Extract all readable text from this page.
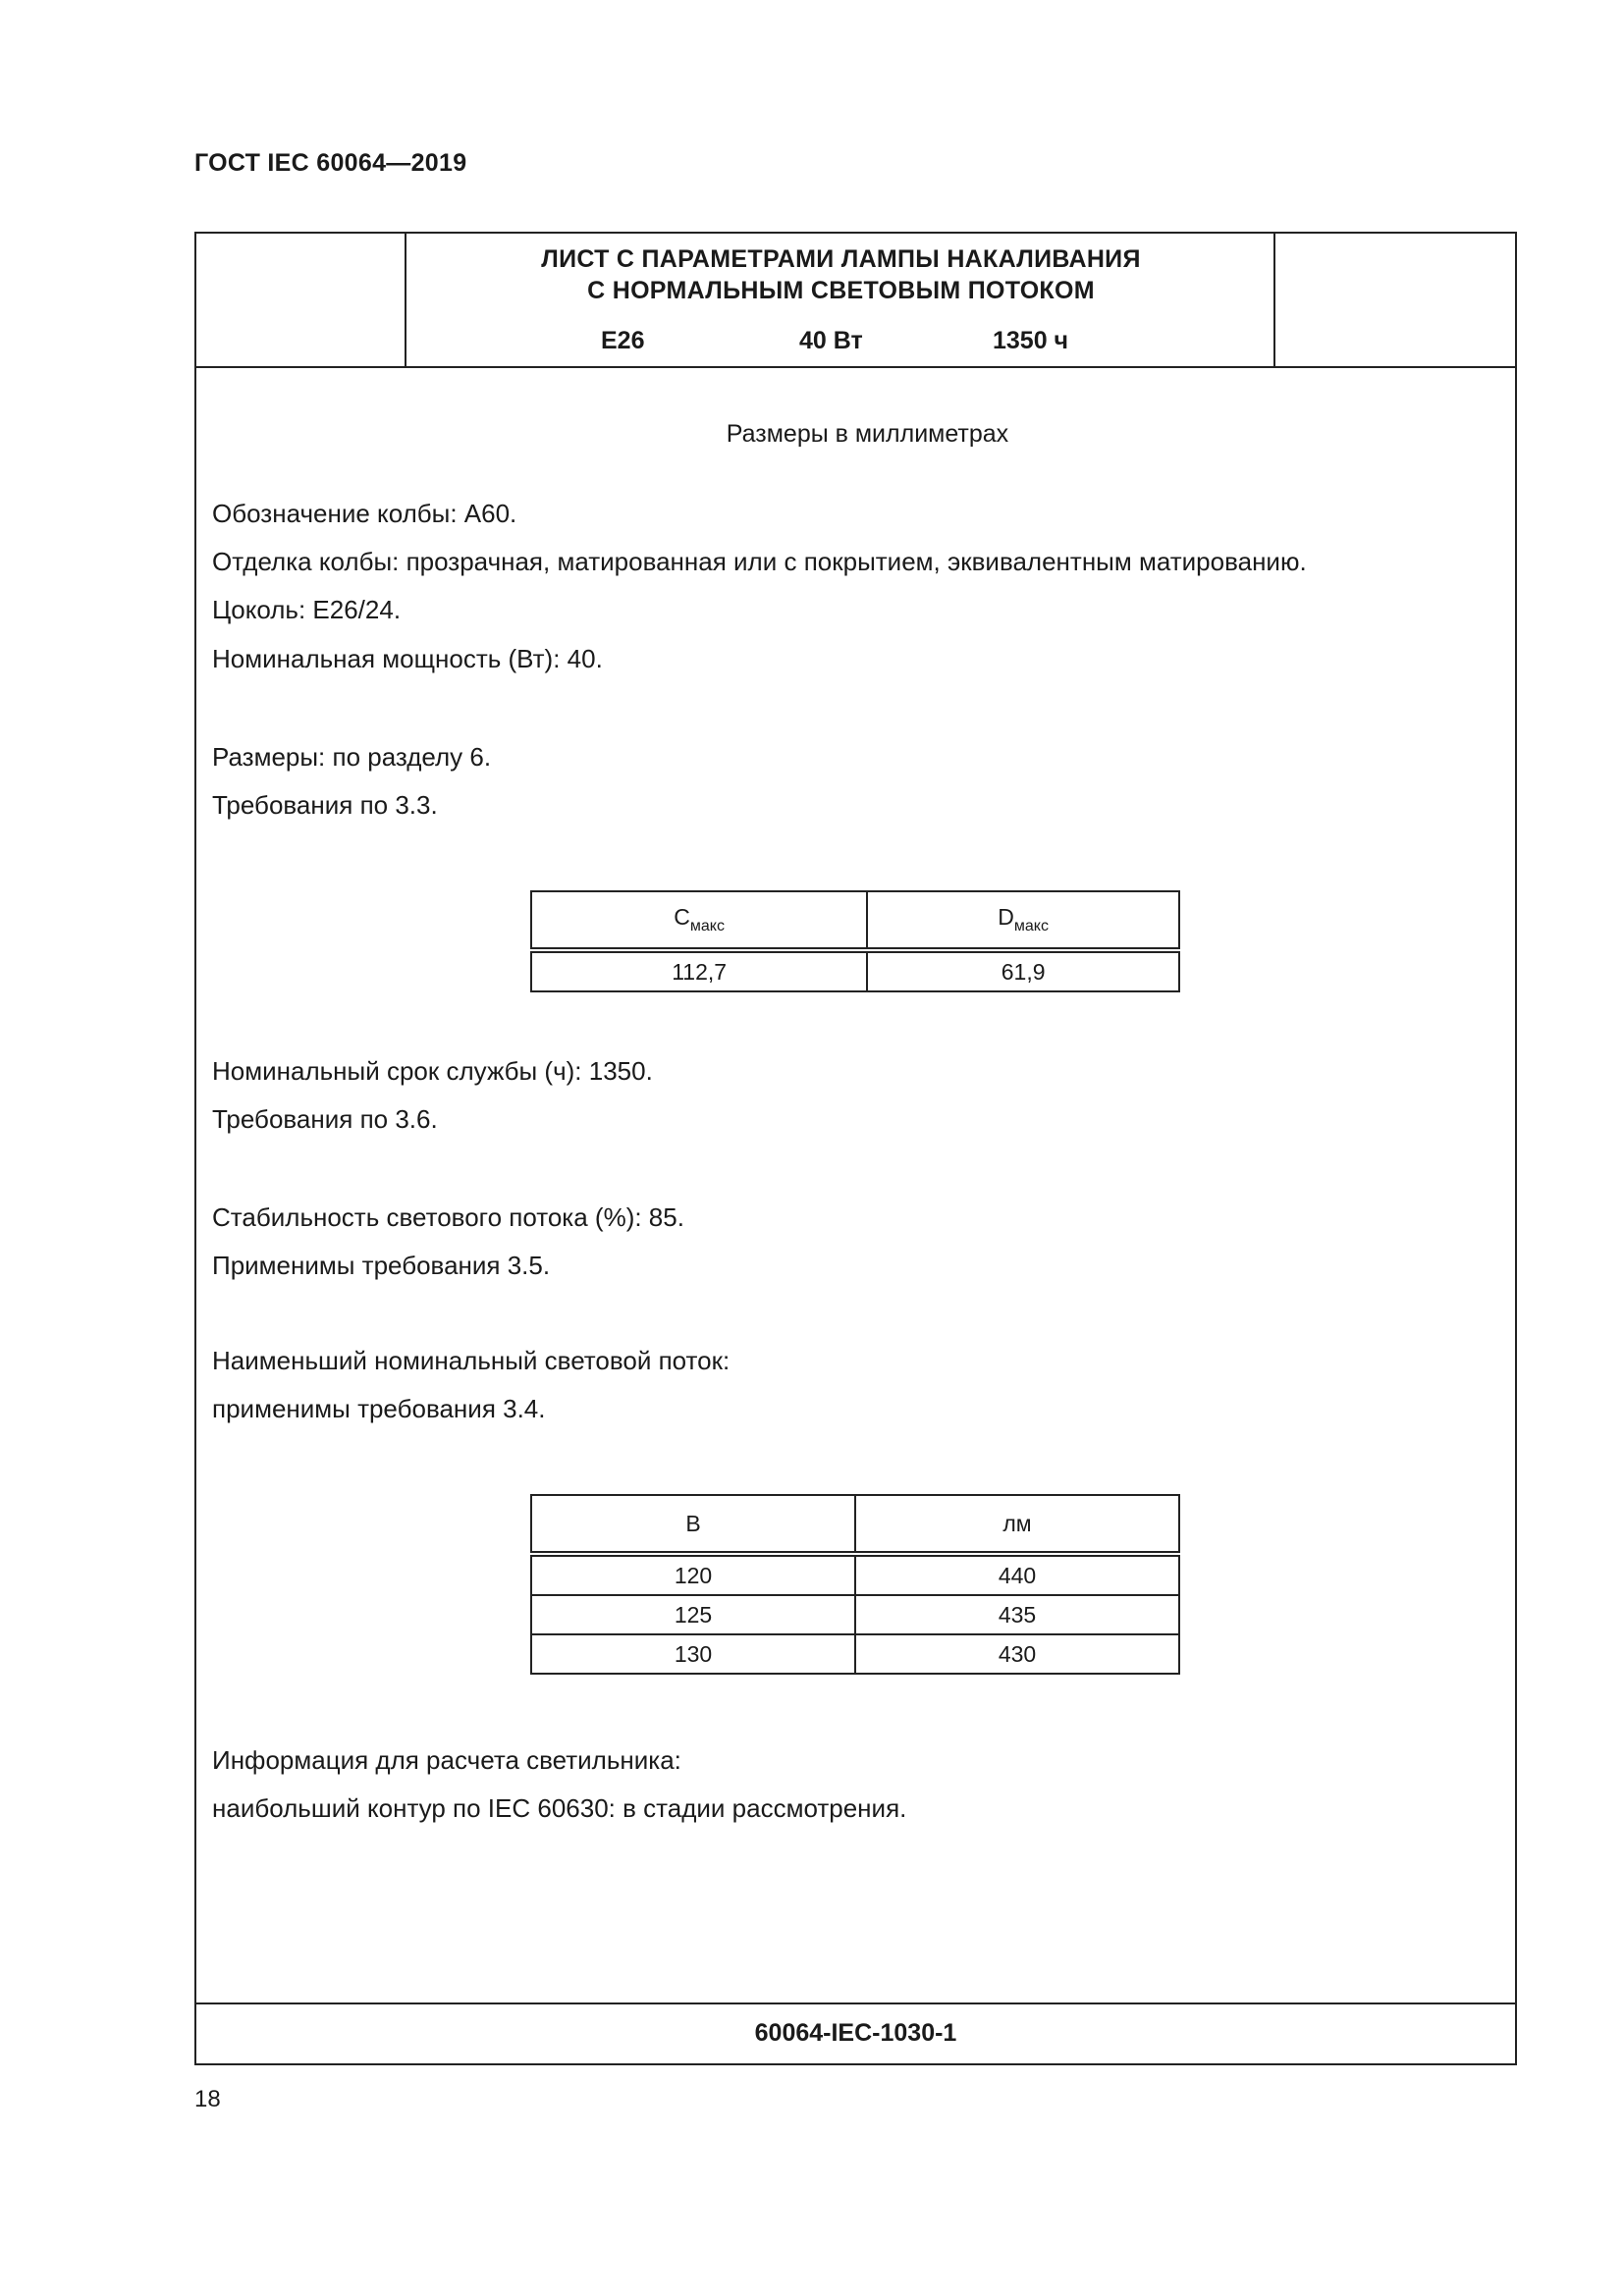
ГОСТ IEC 60064—2019
ЛИСТ С ПАРАМЕТРАМИ ЛАМПЫ НАКАЛИВАНИЯ
С НОРМАЛЬНЫМ СВЕТОВЫМ ПОТОКОМ
E26	40 Вт	1350 ч
Размеры в миллиметрах
Обозначение колбы: А60.
Отделка колбы: прозрачная, матированная или с покрытием, эквивалентным матированию.
Цоколь: Е26/24.
Номинальная мощность (Вт): 40.
Размеры: по разделу 6.
Требования по 3.3.
$C_{макс}$	$D_{макс}$
112,7	61,9
Номинальный срок службы (ч): 1350.
Требования по 3.6.
Стабильность светового потока (%): 85.
Применимы требования 3.5.
Наименьший номинальный световой поток:
применимы требования 3.4.
В	лм
120	440
125	435
130	430
Информация для расчета светильника:
наибольший контур по IEC 60630: в стадии рассмотрения.
60064-IEC-1030-1
18
